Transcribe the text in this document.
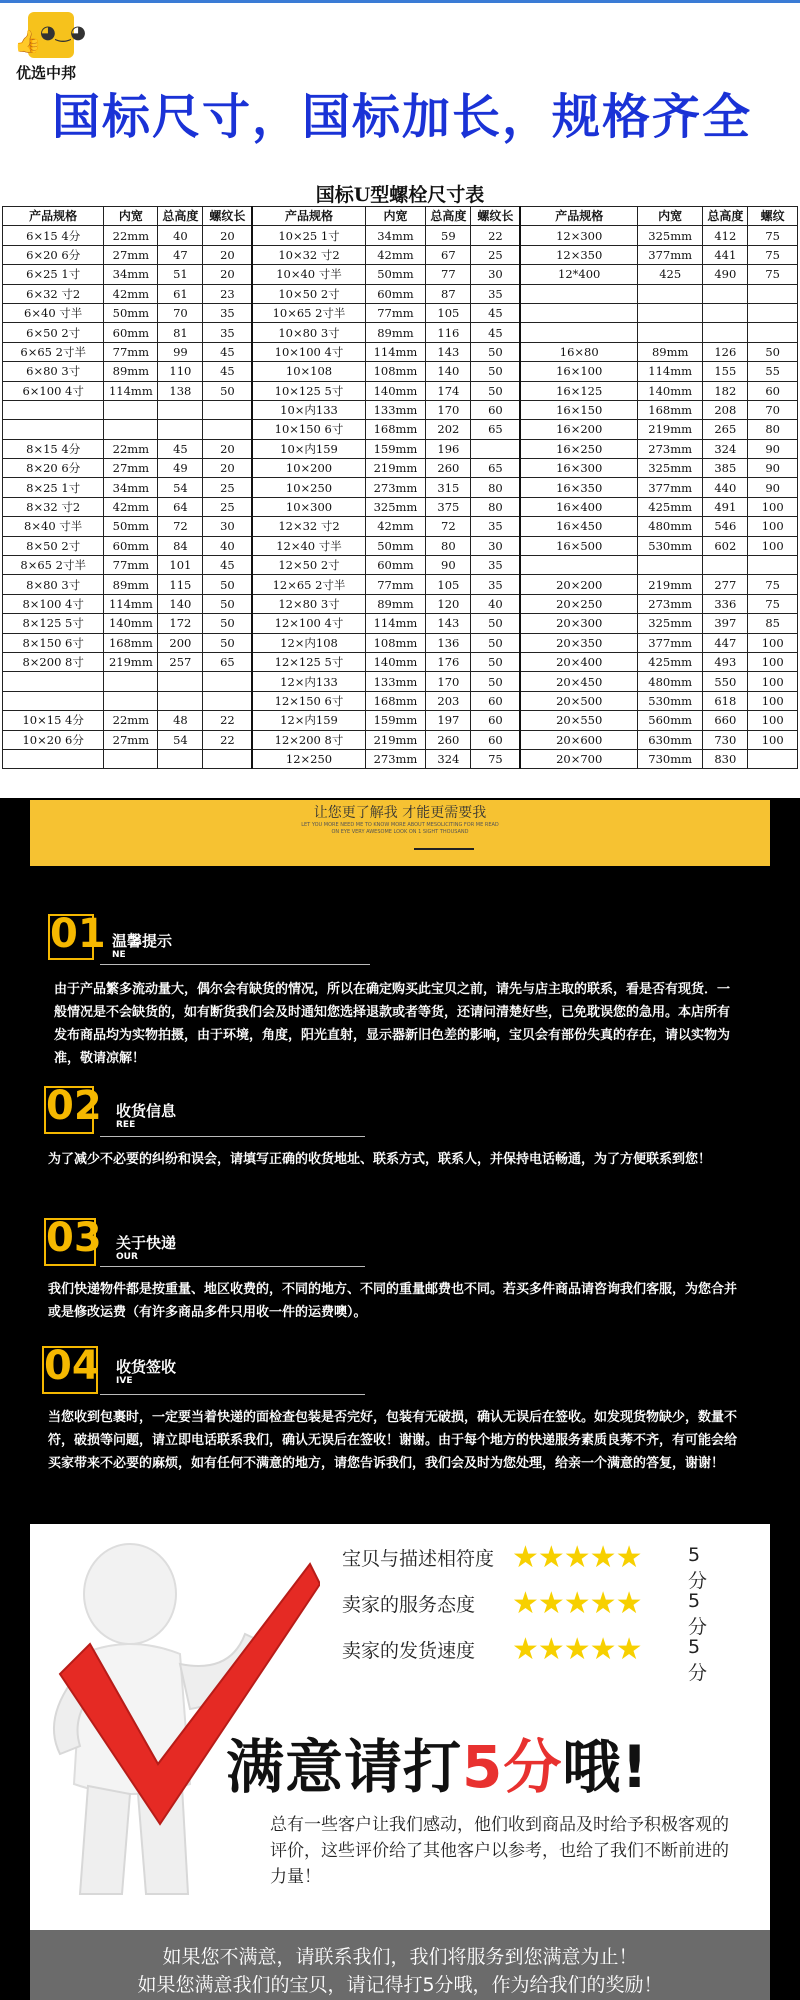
◕‿◕
👍
优选中邦
国标尺寸，国标加长，规格齐全
国标U型螺栓尺寸表
产品规格	内宽	总高度	螺纹长	产品规格	内宽	总高度	螺纹长	产品规格	内宽	总高度	螺纹
6×15 4分	22mm	40	20	10×25 1寸	34mm	59	22	12×300	325mm	412	75
6×20 6分	27mm	47	20	10×32 寸2	42mm	67	25	12×350	377mm	441	75
6×25 1寸	34mm	51	20	10×40 寸半	50mm	77	30	12*400	425	490	75
6×32 寸2	42mm	61	23	10×50 2寸	60mm	87	35				
6×40 寸半	50mm	70	35	10×65 2寸半	77mm	105	45				
6×50 2寸	60mm	81	35	10×80 3寸	89mm	116	45				
6×65 2寸半	77mm	99	45	10×100 4寸	114mm	143	50	16×80	89mm	126	50
6×80 3寸	89mm	110	45	10×108	108mm	140	50	16×100	114mm	155	55
6×100 4寸	114mm	138	50	10×125 5寸	140mm	174	50	16×125	140mm	182	60
				10×内133	133mm	170	60	16×150	168mm	208	70
				10×150 6寸	168mm	202	65	16×200	219mm	265	80
8×15 4分	22mm	45	20	10×内159	159mm	196		16×250	273mm	324	90
8×20 6分	27mm	49	20	10×200	219mm	260	65	16×300	325mm	385	90
8×25 1寸	34mm	54	25	10×250	273mm	315	80	16×350	377mm	440	90
8×32 寸2	42mm	64	25	10×300	325mm	375	80	16×400	425mm	491	100
8×40 寸半	50mm	72	30	12×32 寸2	42mm	72	35	16×450	480mm	546	100
8×50 2寸	60mm	84	40	12×40 寸半	50mm	80	30	16×500	530mm	602	100
8×65 2寸半	77mm	101	45	12×50 2寸	60mm	90	35				
8×80 3寸	89mm	115	50	12×65 2寸半	77mm	105	35	20×200	219mm	277	75
8×100 4寸	114mm	140	50	12×80 3寸	89mm	120	40	20×250	273mm	336	75
8×125 5寸	140mm	172	50	12×100 4寸	114mm	143	50	20×300	325mm	397	85
8×150 6寸	168mm	200	50	12×内108	108mm	136	50	20×350	377mm	447	100
8×200 8寸	219mm	257	65	12×125 5寸	140mm	176	50	20×400	425mm	493	100
				12×内133	133mm	170	50	20×450	480mm	550	100
				12×150 6寸	168mm	203	60	20×500	530mm	618	100
10×15 4分	22mm	48	22	12×内159	159mm	197	60	20×550	560mm	660	100
10×20 6分	27mm	54	22	12×200 8寸	219mm	260	60	20×600	630mm	730	100
				12×250	273mm	324	75	20×700	730mm	830	
让您更了解我 才能更需要我
LET YOU MORE NEED ME TO KNOW MORE ABOUT MESOLICITING FOR ME READ
ON EYE VERY AWESOME LOOK ON 1 SIGHT THOUSAND
01 温馨提示
NE
由于产品繁多流动量大，偶尔会有缺货的情况，所以在确定购买此宝贝之前，请先与店主取的联系，看是否有现货．一般情况是不会缺货的，如有断货我们会及时通知您选择退款或者等货，还请问清楚好些，已免耽误您的急用。本店所有发布商品均为实物拍摄，由于环境，角度，阳光直射，显示器新旧色差的影响，宝贝会有部份失真的存在，请以实物为准，敬请凉解！
02 收货信息
REE
为了减少不必要的纠纷和误会，请填写正确的收货地址、联系方式，联系人，并保持电话畅通，为了方便联系到您！
03 关于快递
OUR
我们快递物件都是按重量、地区收费的，不同的地方、不同的重量邮费也不同。若买多件商品请咨询我们客服，为您合并或是修改运费（有许多商品多件只用收一件的运费噢）。
04 收货签收
IVE
当您收到包裹时，一定要当着快递的面检查包装是否完好，包装有无破损，确认无误后在签收。如发现货物缺少，数量不符，破损等问题，请立即电话联系我们，确认无误后在签收！谢谢。由于每个地方的快递服务素质良莠不齐，有可能会给买家带来不必要的麻烦，如有任何不满意的地方，请您告诉我们，我们会及时为您处理，给亲一个满意的答复，谢谢！
宝贝与描述相符度 ★★★★★ 5分
卖家的服务态度 ★★★★★ 5分
卖家的发货速度 ★★★★★ 5分
满意请打5分哦!
总有一些客户让我们感动，他们收到商品及时给予积极客观的评价，这些评价给了其他客户以参考，也给了我们不断前进的力量！
如果您不满意，请联系我们，我们将服务到您满意为止！
如果您满意我们的宝贝，请记得打5分哦，作为给我们的奖励！
